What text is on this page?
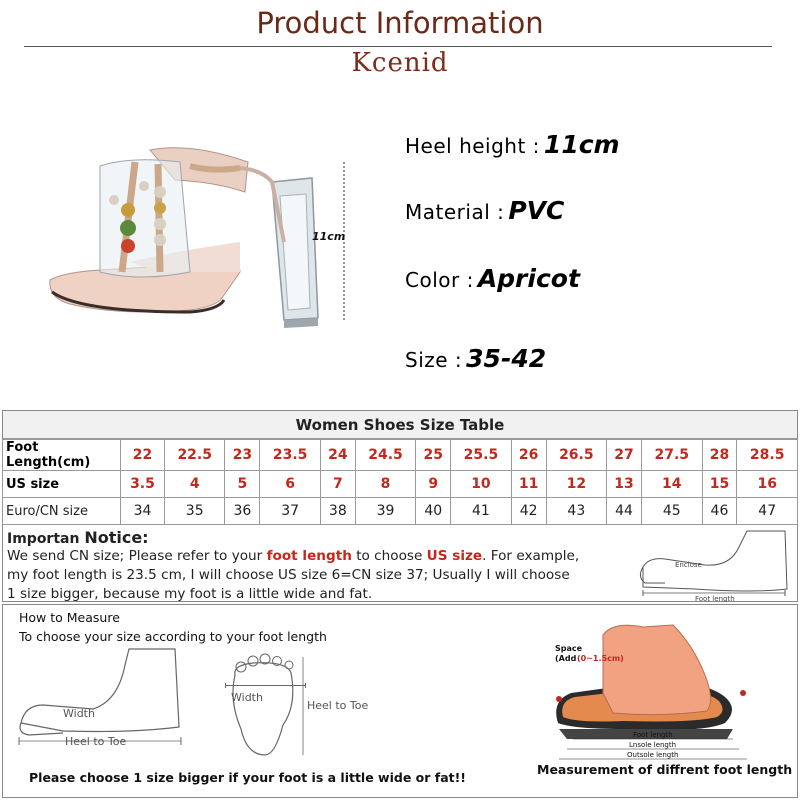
Product Information
Kcenid
11cm
Heel height : 11cm
Material : PVC
Color : Apricot
Size : 35-42
Women Shoes Size Table
Foot Length(cm)	22	22.5	23	23.5	24	24.5	25	25.5	26	26.5	27	27.5	28	28.5
US size	3.5	4	5	6	7	8	9	10	11	12	13	14	15	16
Euro/CN size	34	35	36	37	38	39	40	41	42	43	44	45	46	47
Importan Notice:
We send CN size; Please refer to your foot length to choose US size. For example,
my foot length is 23.5 cm, I will choose US size 6=CN size 37; Usually I will choose
1 size bigger, because my foot is a little wide and fat.
Enclose
Foot length
How to Measure
To choose your size according to your foot length
Width
Heel to Toe
Width
Heel to Toe
Space
(Add (0~1.5cm)
Foot length
Lnsole length
Outsole length
Measurement of diffrent foot length
Please choose 1 size bigger if your foot is a little wide or fat!!
